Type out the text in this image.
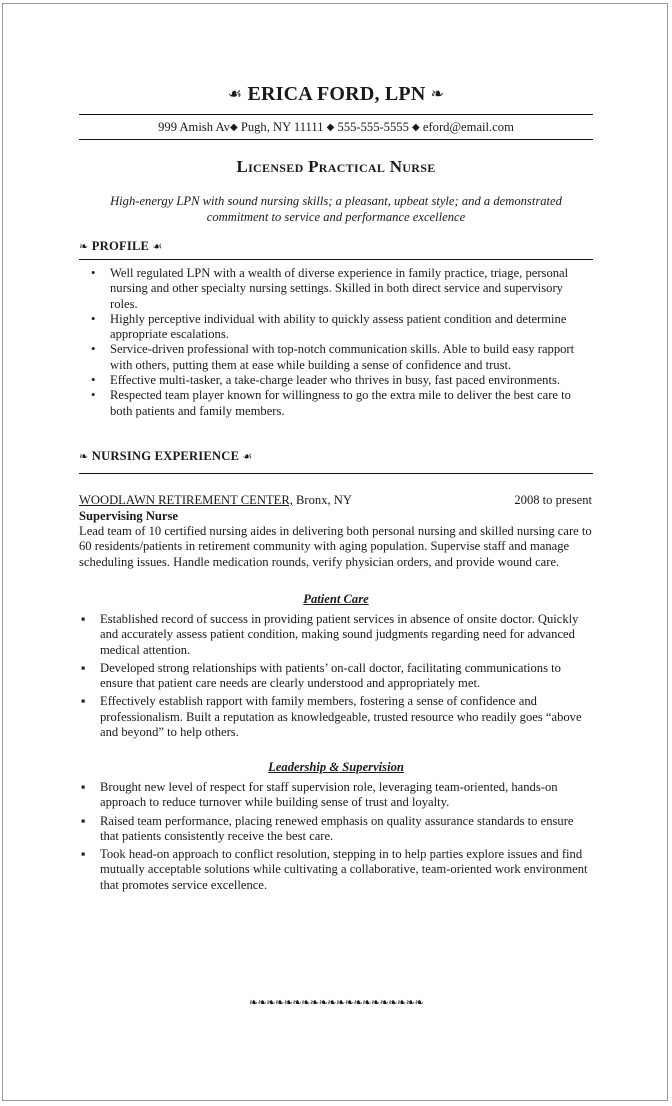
☙ ERICA FORD, LPN ❧
999 Amish Av◆ Pugh, NY 11111 ◆ 555-555-5555 ◆ eford@email.com
Licensed Practical Nurse
High-energy LPN with sound nursing skills; a pleasant, upbeat style; and a demonstrated commitment to service and performance excellence
❧ PROFILE ☙
• Well regulated LPN with a wealth of diverse experience in family practice, triage, personal nursing and other specialty nursing settings. Skilled in both direct service and supervisory roles.
• Highly perceptive individual with ability to quickly assess patient condition and determine appropriate escalations.
• Service-driven professional with top-notch communication skills. Able to build easy rapport with others, putting them at ease while building a sense of confidence and trust.
• Effective multi-tasker, a take-charge leader who thrives in busy, fast paced environments.
• Respected team player known for willingness to go the extra mile to deliver the best care to both patients and family members.
❧ NURSING EXPERIENCE ☙
WOODLAWN RETIREMENT CENTER, Bronx, NY	2008 to present
Supervising Nurse
Lead team of 10 certified nursing aides in delivering both personal nursing and skilled nursing care to 60 residents/patients in retirement community with aging population. Supervise staff and manage scheduling issues. Handle medication rounds, verify physician orders, and provide wound care.
Patient Care
▪ Established record of success in providing patient services in absence of onsite doctor. Quickly and accurately assess patient condition, making sound judgments regarding need for advanced medical attention.
▪ Developed strong relationships with patients’ on-call doctor, facilitating communications to ensure that patient care needs are clearly understood and appropriately met.
▪ Effectively establish rapport with family members, fostering a sense of confidence and professionalism. Built a reputation as knowledgeable, trusted resource who readily goes “above and beyond” to help others.
Leadership & Supervision
▪ Brought new level of respect for staff supervision role, leveraging team-oriented, hands-on approach to reduce turnover while building sense of trust and loyalty.
▪ Raised team performance, placing renewed emphasis on quality assurance standards to ensure that patients consistently receive the best care.
▪ Took head-on approach to conflict resolution, stepping in to help parties explore issues and find mutually acceptable solutions while cultivating a collaborative, team-oriented work environment that promotes service excellence.
❧❧❧❧❧❧❧❧❧❧❧❧❧❧❧❧❧❧❧❧
